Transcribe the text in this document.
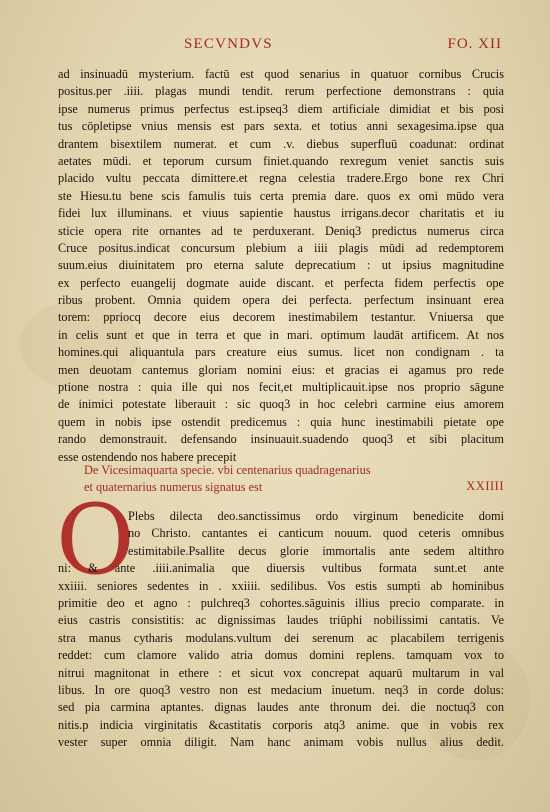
SECVNDVS	FO. XII
ad insinuadū mysterium. factū est quod senarius in quatuor cornibus Crucis
positus.per .iiii. plagas mundi tendit. rerum perfectione demonstrans : quia
ipse numerus primus perfectus est.ipseq3 diem artificiale dimidiat et bis posi
tus cōpletipse vnius mensis est pars sexta. et totius anni sexagesima.ipse qua
drantem bisextilem numerat. et cum .v. diebus superfluū coadunat: ordinat
aetates mūdi. et teporum cursum finiet.quando rexregum veniet sanctis suis
placido vultu peccata dimittere.et regna celestia tradere.Ergo bone rex Chri
ste Hiesu.tu bene scis famulis tuis certa premia dare. quos ex omi mūdo vera
fidei lux illuminans. et viuus sapientie haustus irrigans.decor charitatis et iu
sticie opera rite ornantes ad te perduxerant. Deniq3 predictus numerus circa
Cruce positus.indicat concursum plebium a iiii plagis mūdi ad redemptorem
suum.eius diuinitatem pro eterna salute deprecatium : ut ipsius magnitudine
ex perfecto euangelij dogmate auide discant. et perfecta fidem perfectis ope
ribus probent. Omnia quidem opera dei perfecta. perfectum insinuant erea
torem: ppriocq decore eius decorem inestimabilem testantur. Vniuersa que
in celis sunt et que in terra et que in mari. optimum laudāt artificem. At nos
homines.qui aliquantula pars creature eius sumus. licet non condignam . ta
men deuotam cantemus gloriam nomini eius: et gracias ei agamus pro rede
ptione nostra : quia ille qui nos fecit,et multiplicauit.ipse nos proprio sāgune
de inimici potestate liberauit : sic quoq3 in hoc celebri carmine eius amorem
quem in nobis ipse ostendit predicemus : quia hunc inestimabili pietate ope
rando demonstrauit. defensando insinuauit.suadendo quoq3 et sibi placitum
esse ostendendo nos habere precepit
De Vicesimaquarta specie. vbi centenarius quadragenarius
et quaternarius numerus signatus est	XXIIII
O
Plebs dilecta deo.sanctissimus ordo virginum benedicite domi
no Christo. cantantes ei canticum nouum. quod ceteris omnibus
estimitabile.Psallite decus glorie immortalis ante sedem altithro
ni: & ante .iiii.animalia que diuersis vultibus formata sunt.et ante
xxiiii. seniores sedentes in . xxiiii. sedilibus. Vos estis sumpti ab hominibus
primitie deo et agno : pulchreq3 cohortes.sāguinis illius precio comparate. in
eius castris consistitis: ac dignissimas laudes triūphi nobilissimi cantatis. Ve
stra manus cytharis modulans.vultum dei serenum ac placabilem terrigenis
reddet: cum clamore valido atria domus domini replens. tamquam vox to
nitrui magnitonat in ethere : et sicut vox concrepat aquarū multarum in val
libus. In ore quoq3 vestro non est medacium inuetum. neq3 in corde dolus:
sed pia carmina aptantes. dignas laudes ante thronum dei. die noctuq3 con
nitis.p indicia virginitatis &castitatis corporis atq3 anime. que in vobis rex
vester super omnia diligit. Nam hanc animam vobis nullus alius dedit.
